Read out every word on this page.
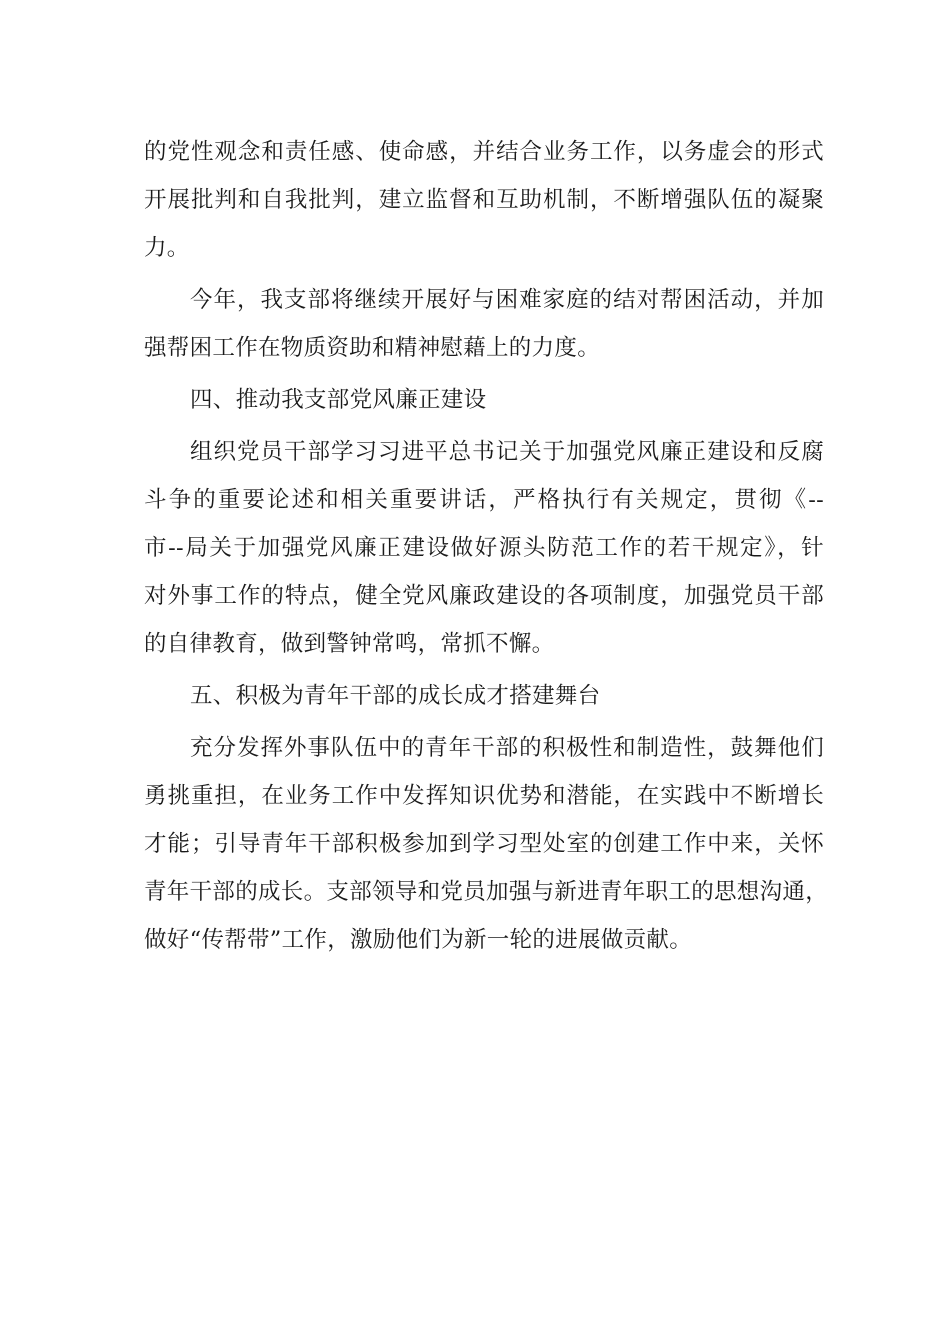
的党性观念和责任感、使命感，并结合业务工作，以务虚会的形式
开展批判和自我批判，建立监督和互助机制，不断增强队伍的凝聚
力。
今年，我支部将继续开展好与困难家庭的结对帮困活动，并加
强帮困工作在物质资助和精神慰藉上的力度。
四、推动我支部党风廉正建设
组织党员干部学习习进平总书记关于加强党风廉正建设和反腐
斗争的重要论述和相关重要讲话，严格执行有关规定，贯彻《--
市--局关于加强党风廉正建设做好源头防范工作的若干规定》，针
对外事工作的特点，健全党风廉政建设的各项制度，加强党员干部
的自律教育，做到警钟常鸣，常抓不懈。
五、积极为青年干部的成长成才搭建舞台
充分发挥外事队伍中的青年干部的积极性和制造性，鼓舞他们
勇挑重担，在业务工作中发挥知识优势和潜能，在实践中不断增长
才能；引导青年干部积极参加到学习型处室的创建工作中来，关怀
青年干部的成长。支部领导和党员加强与新进青年职工的思想沟通，
做好“传帮带”工作，激励他们为新一轮的进展做贡献。
